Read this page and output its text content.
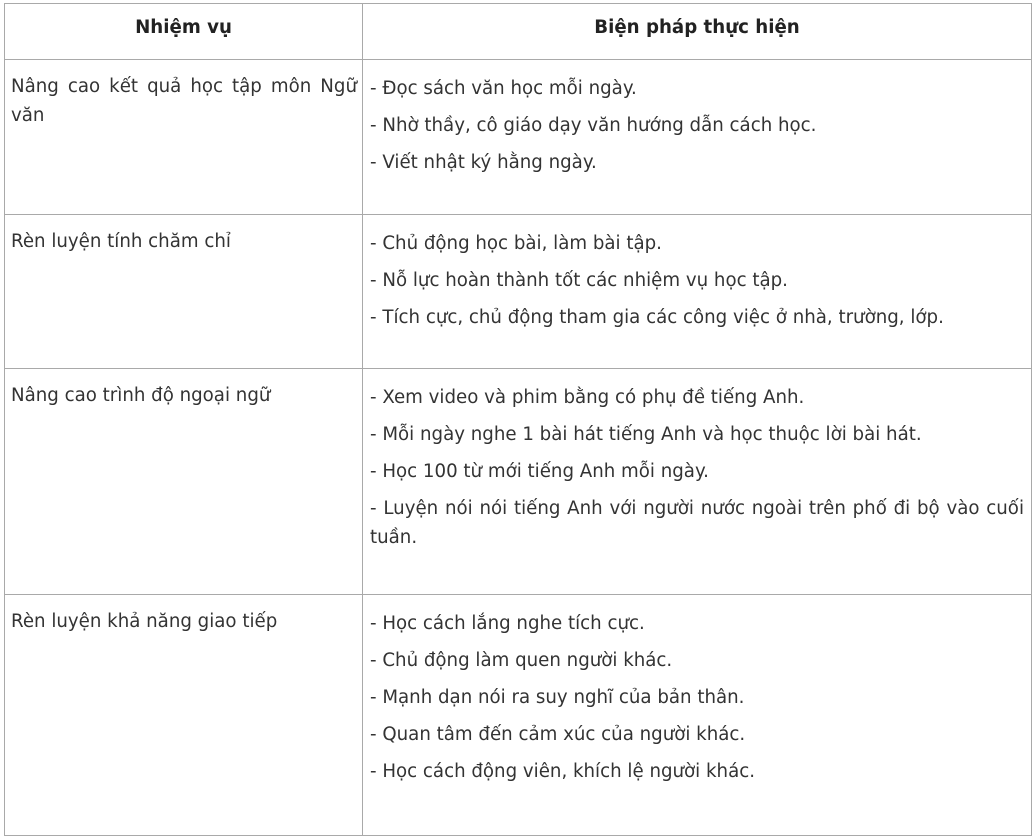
Nhiệm vụ	Biện pháp thực hiện

Nâng cao kết quả học tập môn Ngữ văn	- Đọc sách văn học mỗi ngày.

- Nhờ thầy, cô giáo dạy văn hướng dẫn cách học.

- Viết nhật ký hằng ngày.

Rèn luyện tính chăm chỉ	- Chủ động học bài, làm bài tập.

- Nỗ lực hoàn thành tốt các nhiệm vụ học tập.

- Tích cực, chủ động tham gia các công việc ở nhà, trường, lớp.

Nâng cao trình độ ngoại ngữ	- Xem video và phim bằng có phụ đề tiếng Anh.

- Mỗi ngày nghe 1 bài hát tiếng Anh và học thuộc lời bài hát.

- Học 100 từ mới tiếng Anh mỗi ngày.

- Luyện nói nói tiếng Anh với người nước ngoài trên phố đi bộ vào cuối tuần.

Rèn luyện khả năng giao tiếp	- Học cách lắng nghe tích cực.

- Chủ động làm quen người khác.

- Mạnh dạn nói ra suy nghĩ của bản thân.

- Quan tâm đến cảm xúc của người khác.

- Học cách động viên, khích lệ người khác.
